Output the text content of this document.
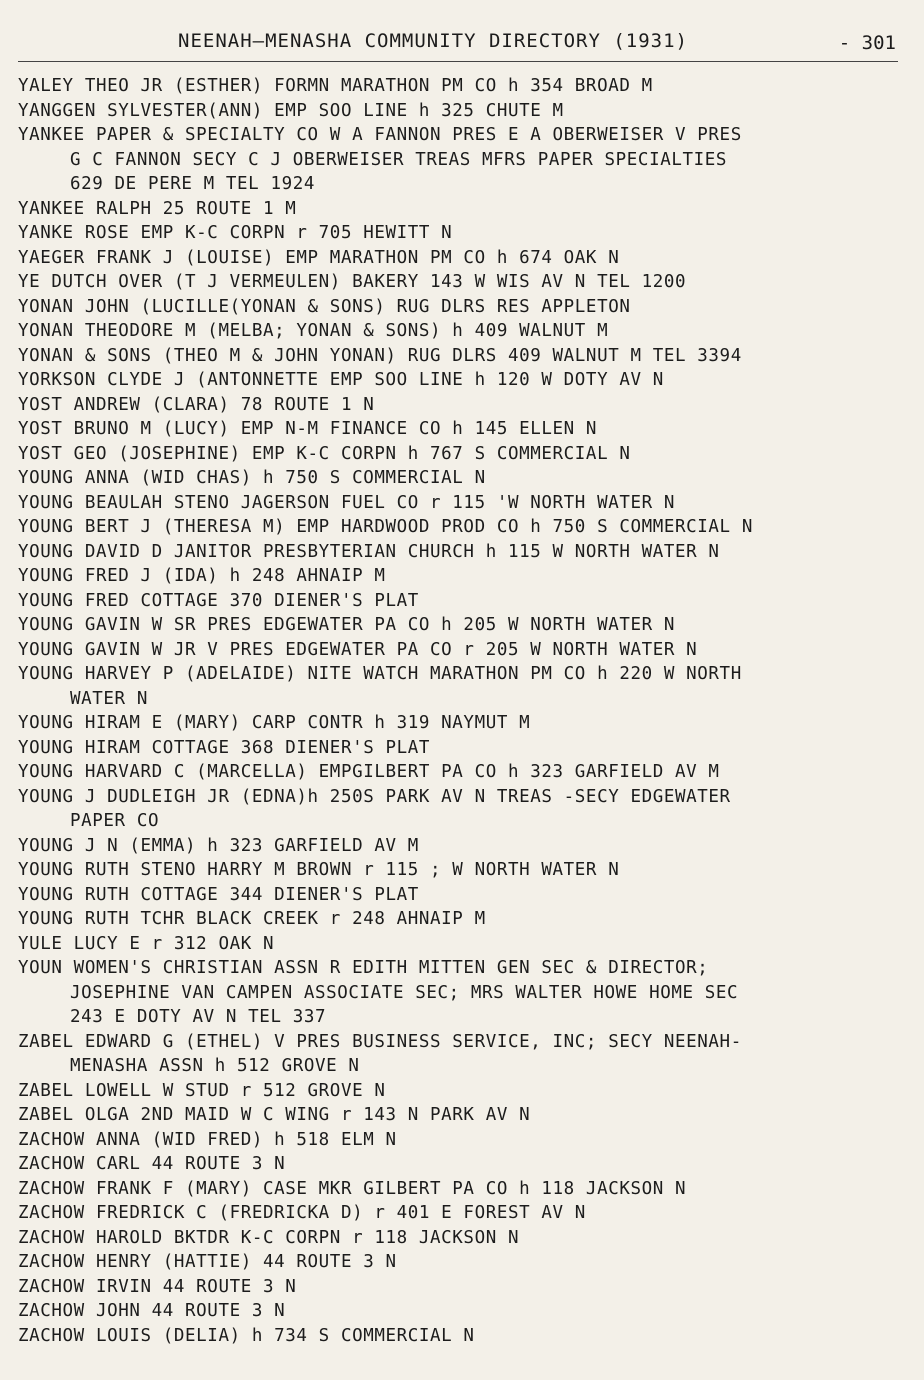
NEENAH—MENASHA COMMUNITY DIRECTORY (1931)	- 301
YALEY THEO JR (ESTHER) FORMN MARATHON PM CO h 354 BROAD M
YANGGEN SYLVESTER(ANN) EMP SOO LINE h 325 CHUTE M
YANKEE PAPER & SPECIALTY CO W A FANNON PRES E A OBERWEISER V PRES
G C FANNON SECY C J OBERWEISER TREAS MFRS PAPER SPECIALTIES
629 DE PERE M TEL 1924
YANKEE RALPH 25 ROUTE 1 M
YANKE ROSE EMP K-C CORPN r 705 HEWITT N
YAEGER FRANK J (LOUISE) EMP MARATHON PM CO h 674 OAK N
YE DUTCH OVER (T J VERMEULEN) BAKERY 143 W WIS AV N TEL 1200
YONAN JOHN (LUCILLE(YONAN & SONS) RUG DLRS RES APPLETON
YONAN THEODORE M (MELBA; YONAN & SONS) h 409 WALNUT M
YONAN & SONS (THEO M & JOHN YONAN) RUG DLRS 409 WALNUT M TEL 3394
YORKSON CLYDE J (ANTONNETTE EMP SOO LINE h 120 W DOTY AV N
YOST ANDREW (CLARA) 78 ROUTE 1 N
YOST BRUNO M (LUCY) EMP N-M FINANCE CO h 145 ELLEN N
YOST GEO (JOSEPHINE) EMP K-C CORPN h 767 S COMMERCIAL N
YOUNG ANNA (WID CHAS) h 750 S COMMERCIAL N
YOUNG BEAULAH STENO JAGERSON FUEL CO r 115 'W NORTH WATER N
YOUNG BERT J (THERESA M) EMP HARDWOOD PROD CO h 750 S COMMERCIAL N
YOUNG DAVID D JANITOR PRESBYTERIAN CHURCH h 115 W NORTH WATER N
YOUNG FRED J (IDA) h 248 AHNAIP M
YOUNG FRED COTTAGE 370 DIENER'S PLAT
YOUNG GAVIN W SR PRES EDGEWATER PA CO h 205 W NORTH WATER N
YOUNG GAVIN W JR V PRES EDGEWATER PA CO r 205 W NORTH WATER N
YOUNG HARVEY P (ADELAIDE) NITE WATCH MARATHON PM CO h 220 W NORTH
WATER N
YOUNG HIRAM E (MARY) CARP CONTR h 319 NAYMUT M
YOUNG HIRAM COTTAGE 368 DIENER'S PLAT
YOUNG HARVARD C (MARCELLA) EMPGILBERT PA CO h 323 GARFIELD AV M
YOUNG J DUDLEIGH JR (EDNA)h 250S PARK AV N TREAS -SECY EDGEWATER
PAPER CO
YOUNG J N (EMMA) h 323 GARFIELD AV M
YOUNG RUTH STENO HARRY M BROWN r 115 ; W NORTH WATER N
YOUNG RUTH COTTAGE 344 DIENER'S PLAT
YOUNG RUTH TCHR BLACK CREEK r 248 AHNAIP M
YULE LUCY E r 312 OAK N
YOUN WOMEN'S CHRISTIAN ASSN R EDITH MITTEN GEN SEC & DIRECTOR;
JOSEPHINE VAN CAMPEN ASSOCIATE SEC; MRS WALTER HOWE HOME SEC
243 E DOTY AV N TEL 337
ZABEL EDWARD G (ETHEL) V PRES BUSINESS SERVICE, INC; SECY NEENAH-
MENASHA ASSN h 512 GROVE N
ZABEL LOWELL W STUD r 512 GROVE N
ZABEL OLGA 2ND MAID W C WING r 143 N PARK AV N
ZACHOW ANNA (WID FRED) h 518 ELM N
ZACHOW CARL 44 ROUTE 3 N
ZACHOW FRANK F (MARY) CASE MKR GILBERT PA CO h 118 JACKSON N
ZACHOW FREDRICK C (FREDRICKA D) r 401 E FOREST AV N
ZACHOW HAROLD BKTDR K-C CORPN r 118 JACKSON N
ZACHOW HENRY (HATTIE) 44 ROUTE 3 N
ZACHOW IRVIN 44 ROUTE 3 N
ZACHOW JOHN 44 ROUTE 3 N
ZACHOW LOUIS (DELIA) h 734 S COMMERCIAL N
